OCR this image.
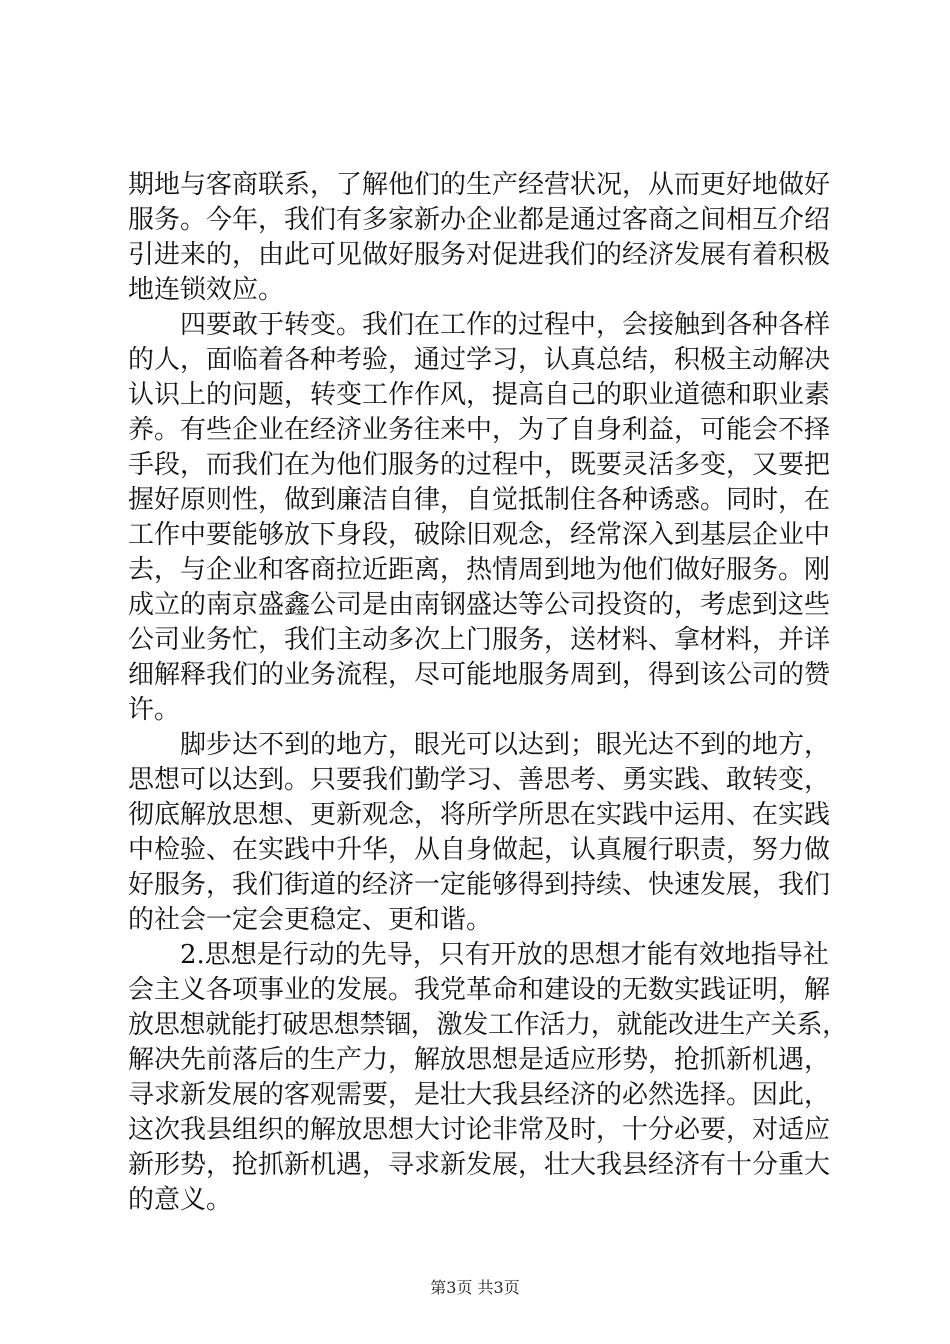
期地与客商联系，了解他们的生产经营状况，从而更好地做好
服务。今年，我们有多家新办企业都是通过客商之间相互介绍
引进来的，由此可见做好服务对促进我们的经济发展有着积极
地连锁效应。
四要敢于转变。我们在工作的过程中，会接触到各种各样
的人，面临着各种考验，通过学习，认真总结，积极主动解决
认识上的问题，转变工作作风，提高自己的职业道德和职业素
养。有些企业在经济业务往来中，为了自身利益，可能会不择
手段，而我们在为他们服务的过程中，既要灵活多变，又要把
握好原则性，做到廉洁自律，自觉抵制住各种诱惑。同时，在
工作中要能够放下身段，破除旧观念，经常深入到基层企业中
去，与企业和客商拉近距离，热情周到地为他们做好服务。刚
成立的南京盛鑫公司是由南钢盛达等公司投资的，考虑到这些
公司业务忙，我们主动多次上门服务，送材料、拿材料，并详
细解释我们的业务流程，尽可能地服务周到，得到该公司的赞
许。
脚步达不到的地方，眼光可以达到；眼光达不到的地方，
思想可以达到。只要我们勤学习、善思考、勇实践、敢转变，
彻底解放思想、更新观念，将所学所思在实践中运用、在实践
中检验、在实践中升华，从自身做起，认真履行职责，努力做
好服务，我们街道的经济一定能够得到持续、快速发展，我们
的社会一定会更稳定、更和谐。
2.思想是行动的先导，只有开放的思想才能有效地指导社
会主义各项事业的发展。我党革命和建设的无数实践证明，解
放思想就能打破思想禁锢，激发工作活力，就能改进生产关系，
解决先前落后的生产力，解放思想是适应形势，抢抓新机遇，
寻求新发展的客观需要，是壮大我县经济的必然选择。因此，
这次我县组织的解放思想大讨论非常及时，十分必要，对适应
新形势，抢抓新机遇，寻求新发展，壮大我县经济有十分重大
的意义。
第3页 共3页
